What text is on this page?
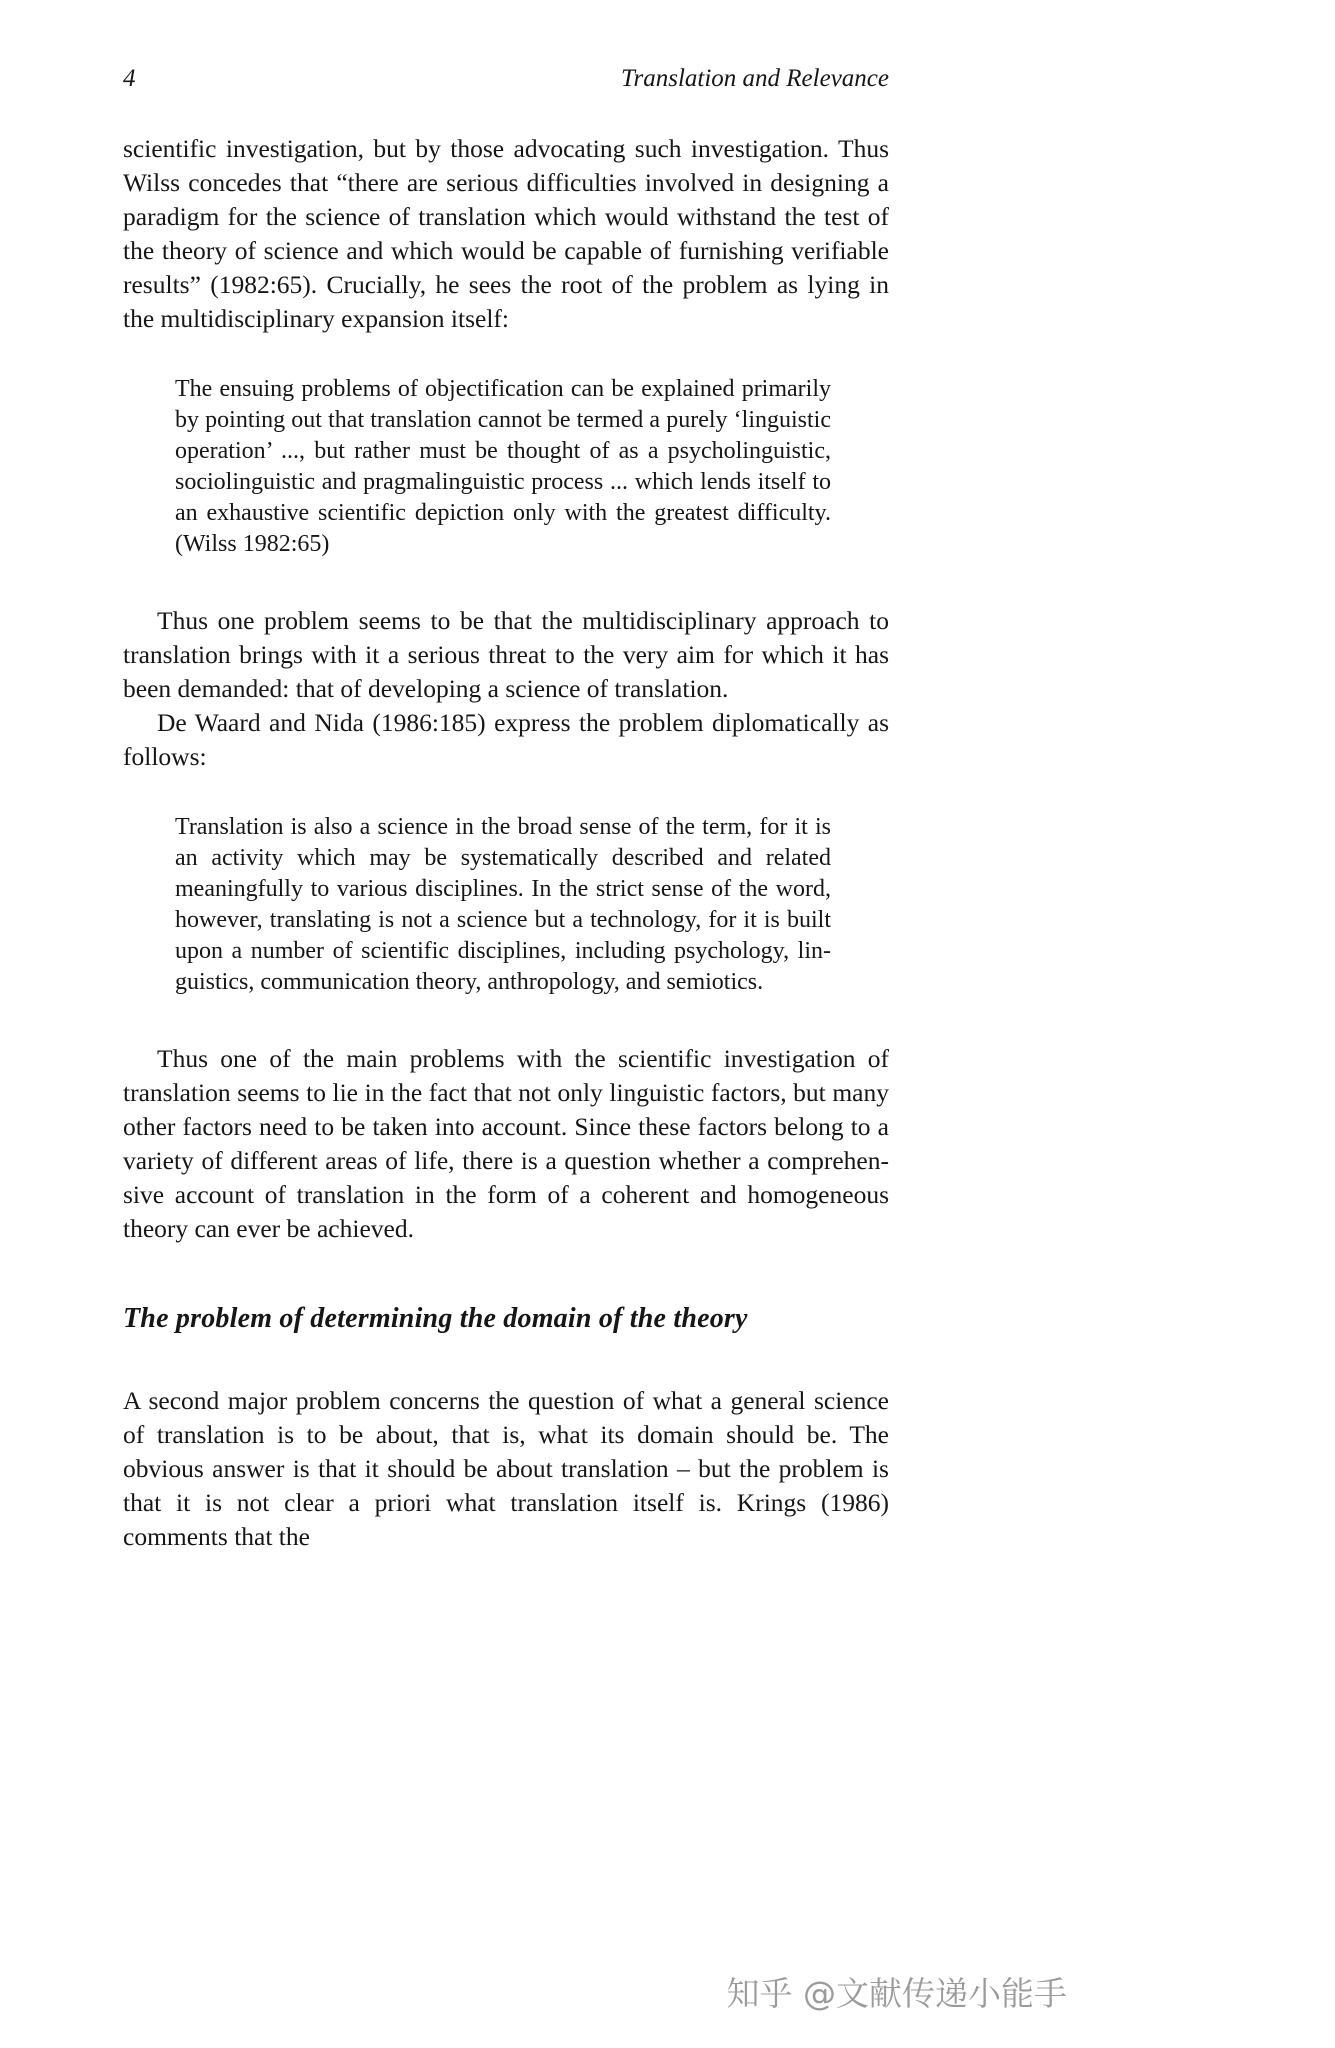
4	Translation and Relevance

scientific investigation, but by those advocating such investigation. Thus Wilss concedes that “there are serious difficulties involved in designing a paradigm for the science of translation which would withstand the test of the theory of science and which would be capable of furnishing verifiable results” (1982:65). Crucially, he sees the root of the problem as lying in the multidisciplinary expansion itself:

The ensuing problems of objectification can be explained primarily by pointing out that translation cannot be termed a purely ‘linguistic operation’ ..., but rather must be thought of as a psycholinguistic, sociolinguistic and pragmalinguistic process ... which lends itself to an exhaustive scientific depiction only with the greatest difficulty. (Wilss 1982:65)

Thus one problem seems to be that the multidisciplinary approach to translation brings with it a serious threat to the very aim for which it has been demanded: that of developing a science of translation.

De Waard and Nida (1986:185) express the problem diplomatically as follows:

Translation is also a science in the broad sense of the term, for it is an activity which may be systematically described and related meaningfully to various disciplines. In the strict sense of the word, however, translating is not a science but a technology, for it is built upon a number of scientific disciplines, including psychology, linguistics, communication theory, anthropology, and semiotics.

Thus one of the main problems with the scientific investigation of translation seems to lie in the fact that not only linguistic factors, but many other factors need to be taken into account. Since these factors belong to a variety of different areas of life, there is a question whether a comprehensive account of translation in the form of a coherent and homogeneous theory can ever be achieved.

The problem of determining the domain of the theory

A second major problem concerns the question of what a general science of translation is to be about, that is, what its domain should be. The obvious answer is that it should be about translation – but the problem is that it is not clear a priori what translation itself is. Krings (1986) comments that the

知乎 @文献传递小能手
